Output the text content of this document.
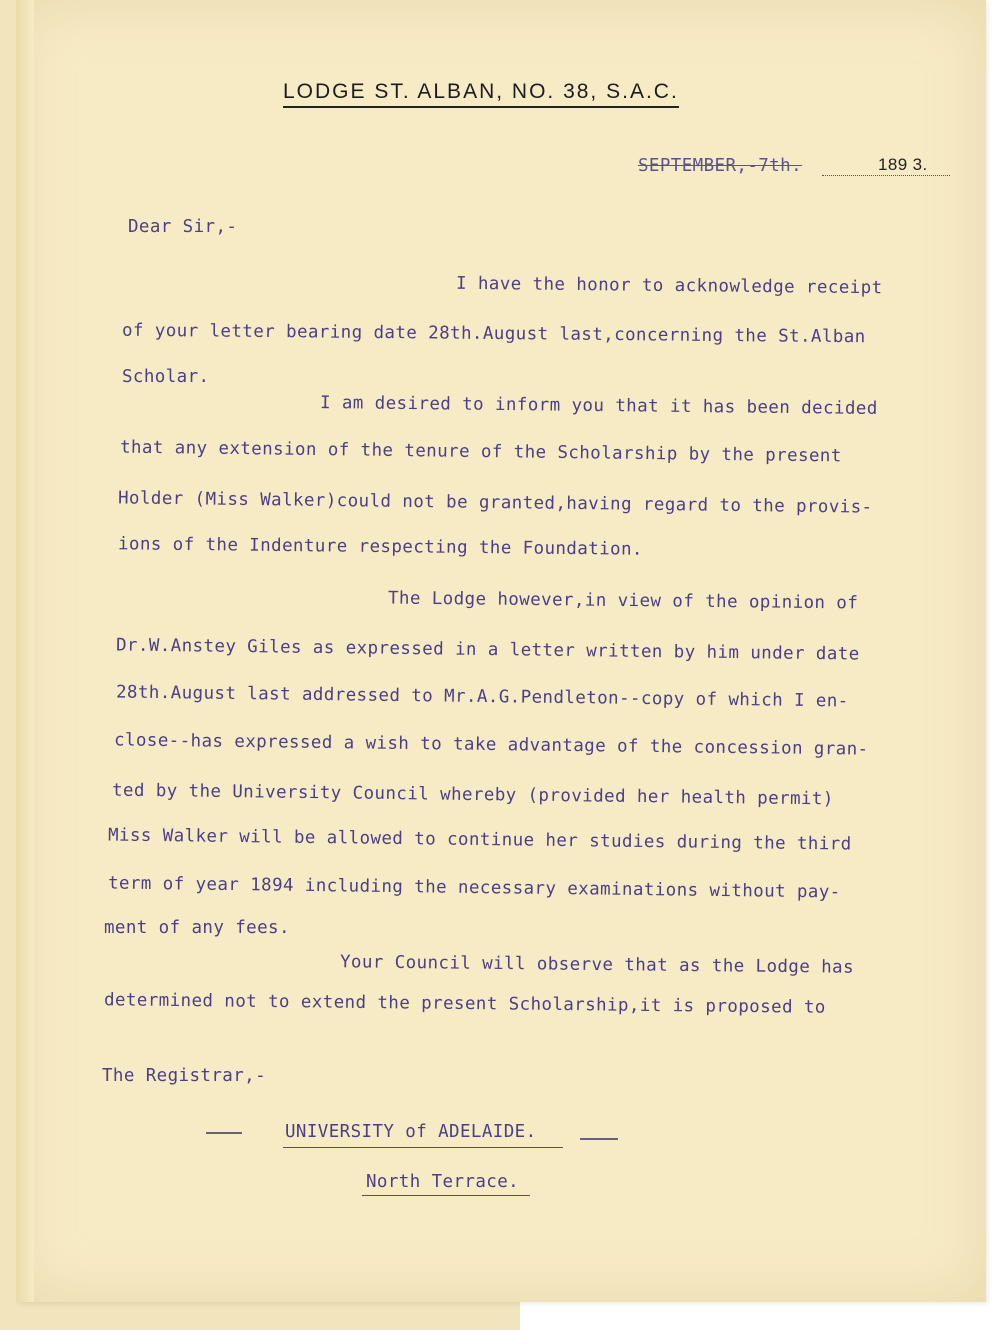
LODGE ST. ALBAN, NO. 38, S.A.C.
SEPTEMBER,-7th.	189 3.
Dear Sir,-
I have the honor to acknowledge receipt
of your letter bearing date 28th.August last,concerning the St.Alban
Scholar.
I am desired to inform you that it has been decided
that any extension of the tenure of the Scholarship by the present
Holder (Miss Walker)could not be granted,having regard to the provis-
ions of the Indenture respecting the Foundation.
The Lodge however,in view of the opinion of
Dr.W.Anstey Giles as expressed in a letter written by him under date
28th.August last addressed to Mr.A.G.Pendleton--copy of which I en-
close--has expressed a wish to take advantage of the concession gran-
ted by the University Council whereby (provided her health permit)
Miss Walker will be allowed to continue her studies during the third
term of year 1894 including the necessary examinations without pay-
ment of any fees.
Your Council will observe that as the Lodge has
determined not to extend the present Scholarship,it is proposed to
The Registrar,-
UNIVERSITY of ADELAIDE.
North Terrace.
